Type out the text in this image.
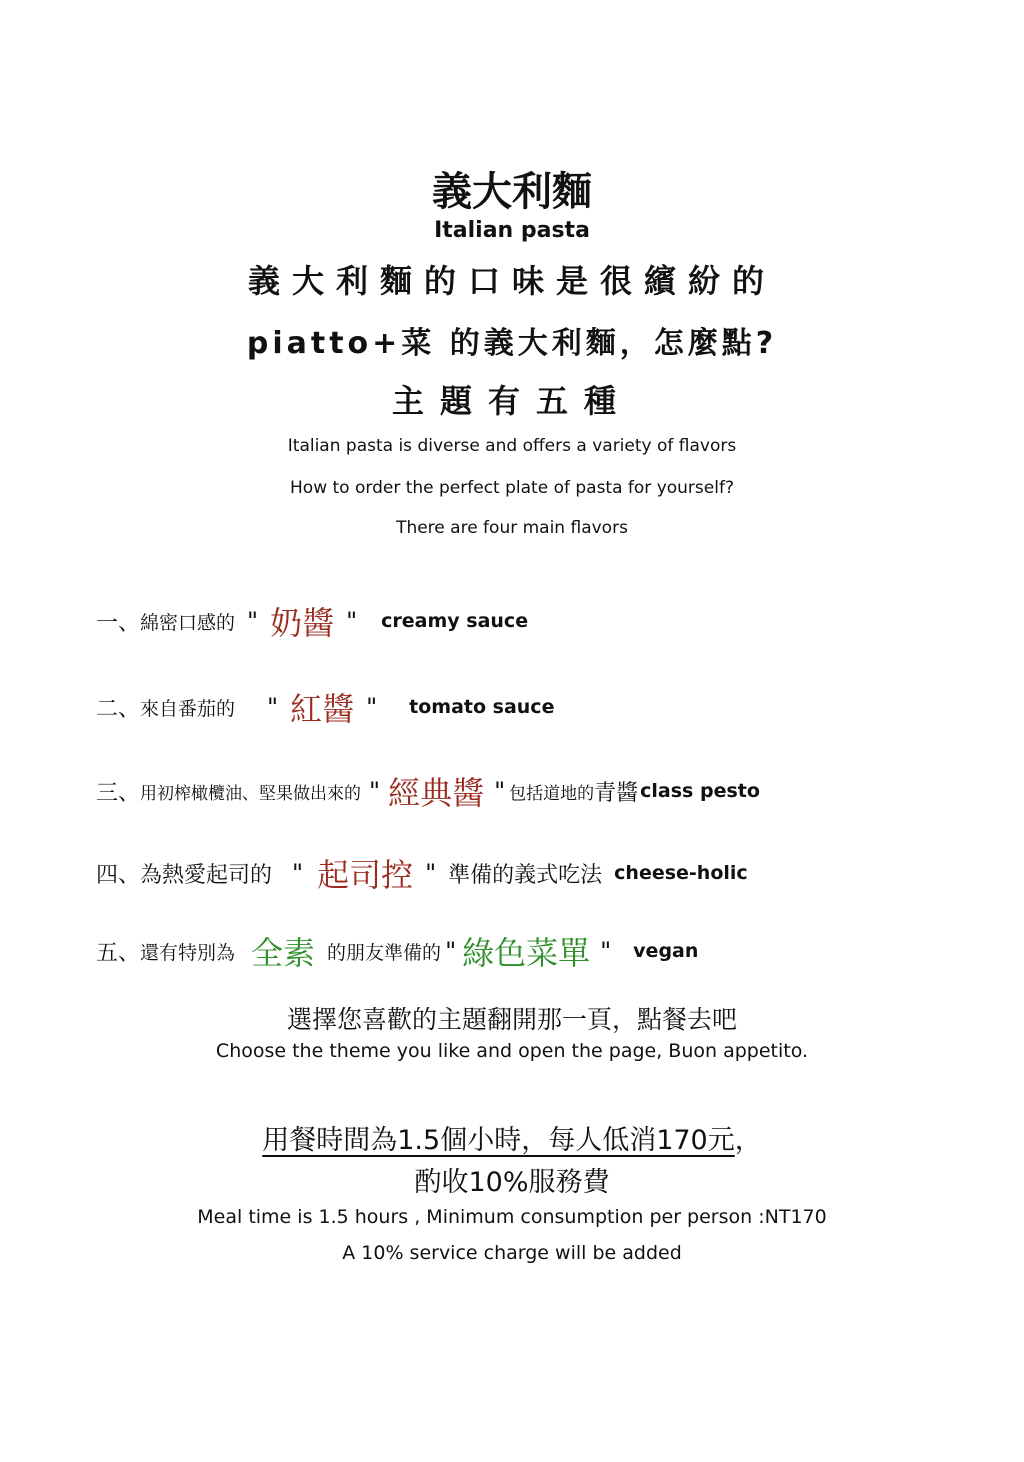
義大利麵
Italian pasta
義大利麵的口味是很繽紛的
piatto+菜 的義大利麵，怎麼點?
主題有五種
Italian pasta is diverse and offers a variety of flavors
How to order the perfect plate of pasta for yourself?
There are four main flavors
一、 綿密口感的 " 奶醬 " creamy sauce
二、 來自番茄的 " 紅醬 " tomato sauce
三、 用初榨橄欖油、堅果做出來的 " 經典醬 " 包括道地的 青醬 class pesto
四、 為熱愛起司的 " 起司控 " 準備的義式吃法 cheese-holic
五、 還有特別為 全素 的朋友準備的 " 綠色菜單 " vegan
選擇您喜歡的主題翻開那一頁，點餐去吧
Choose the theme you like and open the page, Buon appetito.
用餐時間為1.5個小時，每人低消170元，
酌收10%服務費
Meal time is 1.5 hours , Minimum consumption per person :NT170
A 10% service charge will be added
